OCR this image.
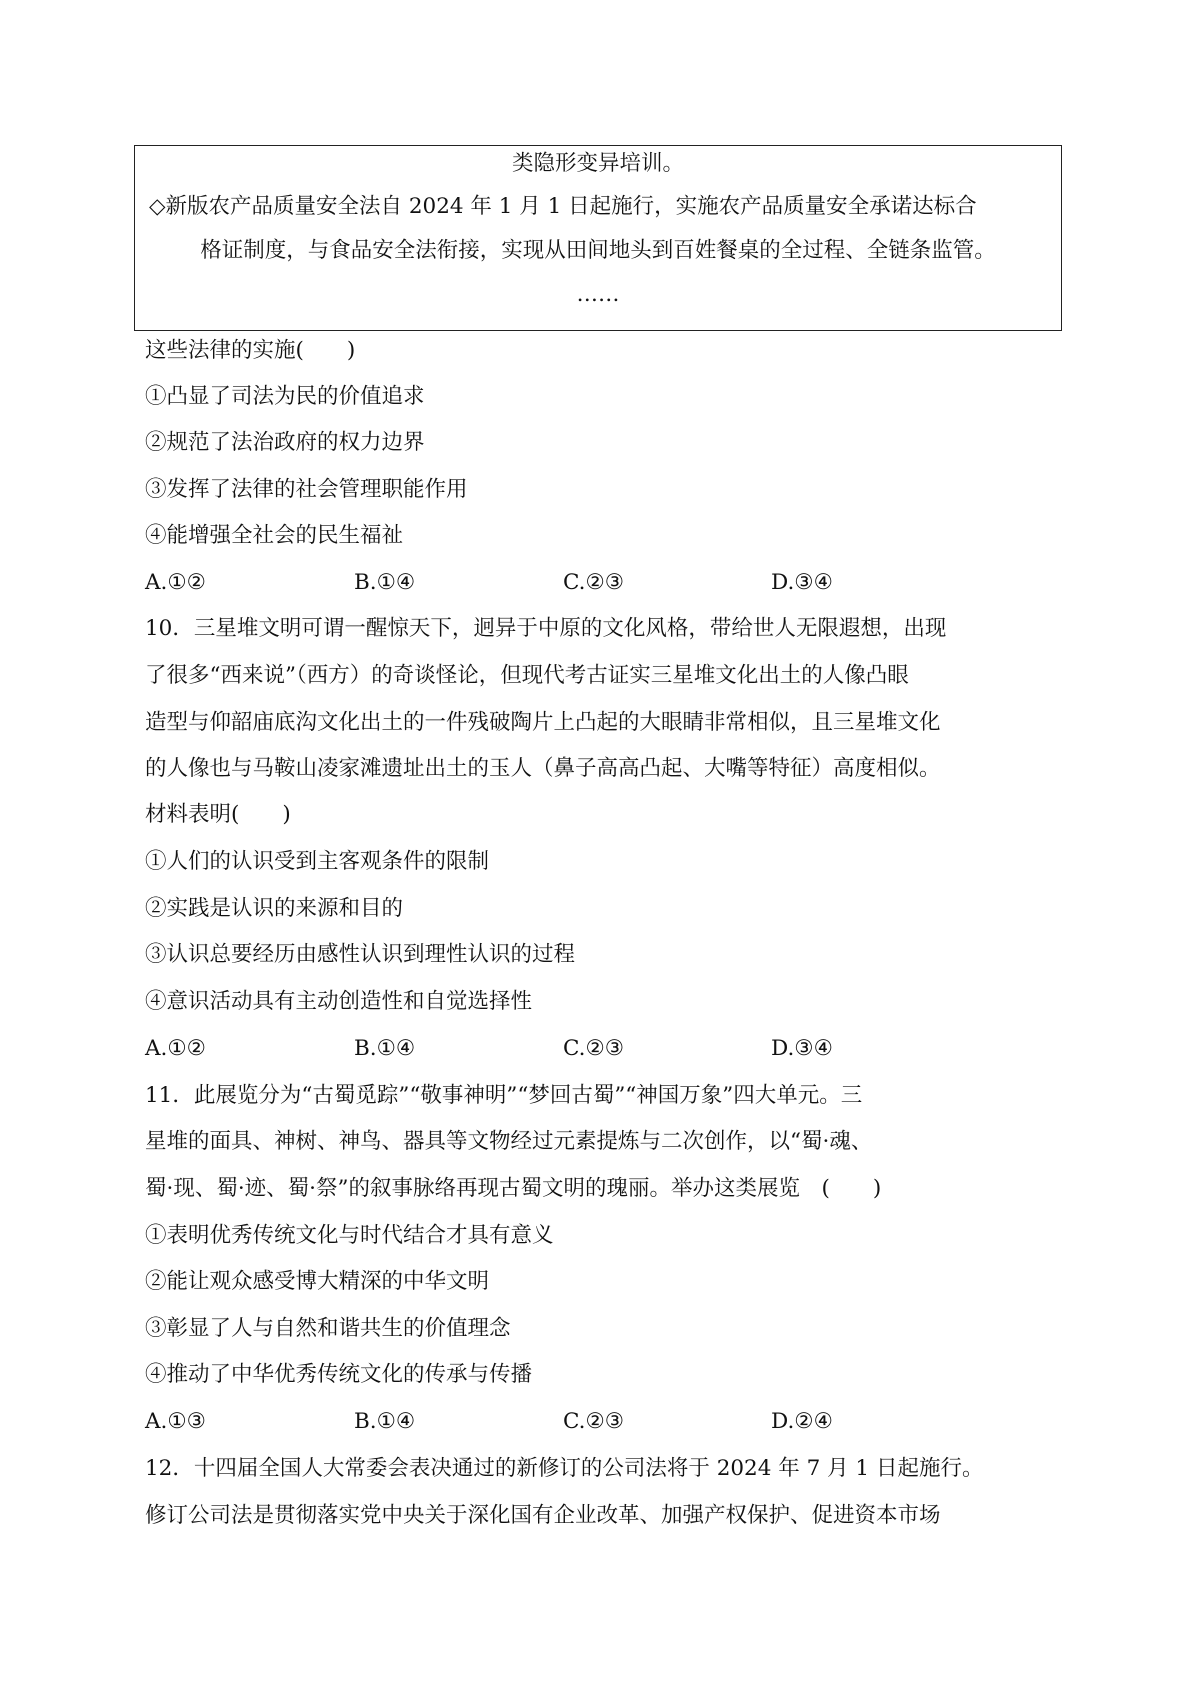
类隐形变异培训。
◇新版农产品质量安全法自 2024 年 1 月 1 日起施行，实施农产品质量安全承诺达标合
格证制度，与食品安全法衔接，实现从田间地头到百姓餐桌的全过程、全链条监管。
……
这些法律的实施(　　)
①凸显了司法为民的价值追求
②规范了法治政府的权力边界
③发挥了法律的社会管理职能作用
④能增强全社会的民生福祉
A.①②	B.①④	C.②③	D.③④
10．三星堆文明可谓一醒惊天下，迥异于中原的文化风格，带给世人无限遐想，出现
了很多“西来说”（西方）的奇谈怪论，但现代考古证实三星堆文化出土的人像凸眼
造型与仰韶庙底沟文化出土的一件残破陶片上凸起的大眼睛非常相似，且三星堆文化
的人像也与马鞍山凌家滩遗址出土的玉人（鼻子高高凸起、大嘴等特征）高度相似。
材料表明(　　)
①人们的认识受到主客观条件的限制
②实践是认识的来源和目的
③认识总要经历由感性认识到理性认识的过程
④意识活动具有主动创造性和自觉选择性
A.①②	B.①④	C.②③	D.③④
11．此展览分为“古蜀觅踪”“敬事神明”“梦回古蜀”“神国万象”四大单元。三
星堆的面具、神树、神鸟、器具等文物经过元素提炼与二次创作，以“蜀·魂、
蜀·现、蜀·迹、蜀·祭”的叙事脉络再现古蜀文明的瑰丽。举办这类展览　(　　)
①表明优秀传统文化与时代结合才具有意义
②能让观众感受博大精深的中华文明
③彰显了人与自然和谐共生的价值理念
④推动了中华优秀传统文化的传承与传播
A.①③	B.①④	C.②③	D.②④
12．十四届全国人大常委会表决通过的新修订的公司法将于 2024 年 7 月 1 日起施行。
修订公司法是贯彻落实党中央关于深化国有企业改革、加强产权保护、促进资本市场
